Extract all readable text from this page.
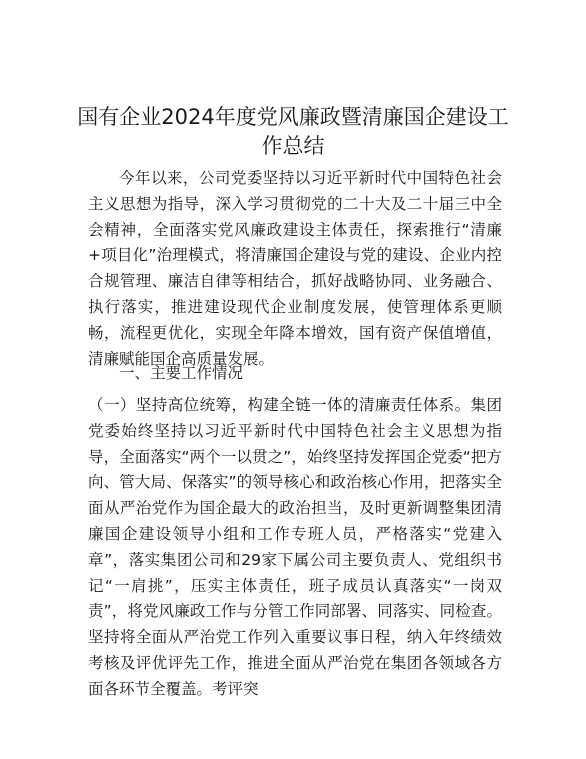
国有企业2024年度党风廉政暨清廉国企建设工作总结

今年以来，公司党委坚持以习近平新时代中国特色社会主义思想为指导，深入学习贯彻党的二十大及二十届三中全会精神，全面落实党风廉政建设主体责任，探索推行“清廉+项目化”治理模式，将清廉国企建设与党的建设、企业内控合规管理、廉洁自律等相结合，抓好战略协同、业务融合、执行落实，推进建设现代企业制度发展，使管理体系更顺畅，流程更优化，实现全年降本增效，国有资产保值增值，清廉赋能国企高质量发展。

一、主要工作情况

（一）坚持高位统筹，构建全链一体的清廉责任体系。集团党委始终坚持以习近平新时代中国特色社会主义思想为指导，全面落实“两个一以贯之”，始终坚持发挥国企党委“把方向、管大局、保落实”的领导核心和政治核心作用，把落实全面从严治党作为国企最大的政治担当，及时更新调整集团清廉国企建设领导小组和工作专班人员，严格落实“党建入章”，落实集团公司和29家下属公司主要负责人、党组织书记“一肩挑”，压实主体责任，班子成员认真落实“一岗双责”，将党风廉政工作与分管工作同部署、同落实、同检查。坚持将全面从严治党工作列入重要议事日程，纳入年终绩效考核及评优评先工作，推进全面从严治党在集团各领域各方面各环节全覆盖。考评突
